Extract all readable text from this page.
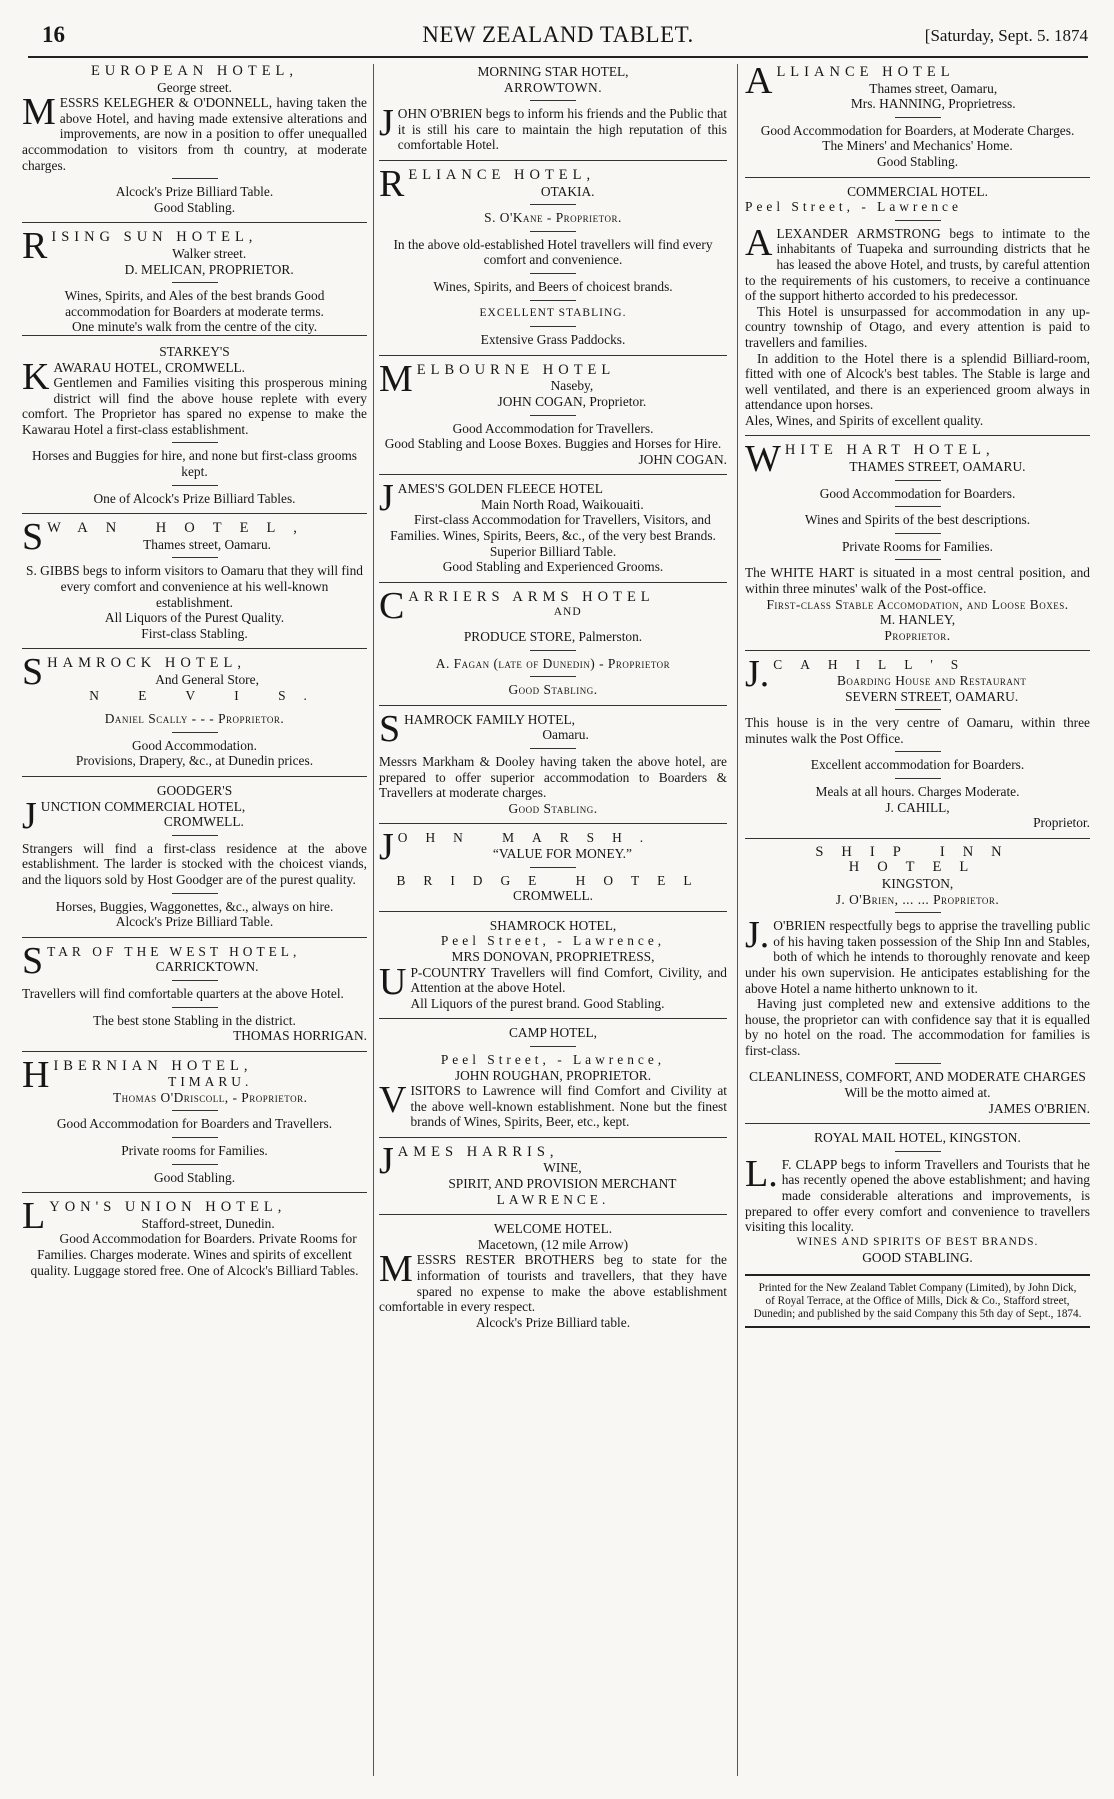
16	NEW ZEALAND TABLET.	[Saturday, Sept. 5. 1874

EUROPEAN HOTEL,

George street.

MESSRS KELEGHER & O'DONNELL, having taken the above Hotel, and having made extensive alterations and improvements, are now in a position to offer unequalled accommodation to visitors from th country, at moderate charges.

Alcock's Prize Billiard Table.

Good Stabling.

RISING SUN HOTEL,

Walker street.

D. MELICAN, PROPRIETOR.

Wines, Spirits, and Ales of the best brands Good accommodation for Boarders at moderate terms.

One minute's walk from the centre of the city.

STARKEY'S

KAWARAU HOTEL, CROMWELL.

Gentlemen and Families visiting this prosperous mining district will find the above house replete with every comfort. The Proprietor has spared no expense to make the Kawarau Hotel a first-class establishment.

Horses and Buggies for hire, and none but first-class grooms kept.

One of Alcock's Prize Billiard Tables.

SWAN HOTEL,

Thames street, Oamaru.

S. GIBBS begs to inform visitors to Oamaru that they will find every comfort and convenience at his well-known establishment.

All Liquors of the Purest Quality.

First-class Stabling.

SHAMROCK HOTEL,

And General Store,

N E V I S.

Daniel Scally - - - Proprietor.

Good Accommodation.

Provisions, Drapery, &c., at Dunedin prices.

GOODGER'S

JUNCTION COMMERCIAL HOTEL,

CROMWELL.

Strangers will find a first-class residence at the above establishment. The larder is stocked with the choicest viands, and the liquors sold by Host Goodger are of the purest quality.

Horses, Buggies, Waggonettes, &c., always on hire.

Alcock's Prize Billiard Table.

STAR OF THE WEST HOTEL,

CARRICKTOWN.

Travellers will find comfortable quarters at the above Hotel.

The best stone Stabling in the district.

THOMAS HORRIGAN.

HIBERNIAN HOTEL,

TIMARU.

Thomas O'Driscoll, - Proprietor.

Good Accommodation for Boarders and Travellers.

Private rooms for Families.

Good Stabling.

LYON'S UNION HOTEL,

Stafford-street, Dunedin.

Good Accommodation for Boarders. Private Rooms for Families. Charges moderate. Wines and spirits of excellent quality. Luggage stored free. One of Alcock's Billiard Tables.

MORNING STAR HOTEL,

ARROWTOWN.

JOHN O'BRIEN begs to inform his friends and the Public that it is still his care to maintain the high reputation of this comfortable Hotel.

RELIANCE HOTEL,

OTAKIA.

S. O'Kane - Proprietor.

In the above old-established Hotel travellers will find every comfort and convenience.

Wines, Spirits, and Beers of choicest brands.

EXCELLENT STABLING.

Extensive Grass Paddocks.

MELBOURNE HOTEL

Naseby,

JOHN COGAN, Proprietor.

Good Accommodation for Travellers.

Good Stabling and Loose Boxes. Buggies and Horses for Hire.

JOHN COGAN.

JAMES'S GOLDEN FLEECE HOTEL

Main North Road, Waikouaiti.

First-class Accommodation for Travellers, Visitors, and Families. Wines, Spirits, Beers, &c., of the very best Brands.

Superior Billiard Table.

Good Stabling and Experienced Grooms.

CARRIERS ARMS HOTEL

AND

PRODUCE STORE, Palmerston.

A. Fagan (late of Dunedin) - Proprietor

Good Stabling.

SHAMROCK FAMILY HOTEL,

Oamaru.

Messrs Markham & Dooley having taken the above hotel, are prepared to offer superior accommodation to Boarders & Travellers at moderate charges.

Good Stabling.

JOHN MARSH.

“VALUE FOR MONEY.”

BRIDGE HOTEL

CROMWELL.

SHAMROCK HOTEL,

Peel Street, - Lawrence,

MRS DONOVAN, PROPRIETRESS,

U P-COUNTRY Travellers will find Comfort, Civility, and Attention at the above Hotel.

All Liquors of the purest brand. Good Stabling.

CAMP HOTEL,

Peel Street, - Lawrence,

JOHN ROUGHAN, PROPRIETOR.

VISITORS to Lawrence will find Comfort and Civility at the above well-known establishment. None but the finest brands of Wines, Spirits, Beer, etc., kept.

JAMES HARRIS,

WINE,

SPIRIT, AND PROVISION MERCHANT

LAWRENCE.

WELCOME HOTEL.

Macetown, (12 mile Arrow)

MESSRS RESTER BROTHERS beg to state for the information of tourists and travellers, that they have spared no expense to make the above establishment comfortable in every respect.

Alcock's Prize Billiard table.

ALLIANCE HOTEL

Thames street, Oamaru,

Mrs. HANNING, Proprietress.

Good Accommodation for Boarders, at Moderate Charges.

The Miners' and Mechanics' Home.

Good Stabling.

COMMERCIAL HOTEL.

Peel Street, - Lawrence

ALEXANDER ARMSTRONG begs to intimate to the inhabitants of Tuapeka and surrounding districts that he has leased the above Hotel, and trusts, by careful attention to the requirements of his customers, to receive a continuance of the support hitherto accorded to his predecessor.

This Hotel is unsurpassed for accommodation in any up-country township of Otago, and every attention is paid to travellers and families.

In addition to the Hotel there is a splendid Billiard-room, fitted with one of Alcock's best tables. The Stable is large and well ventilated, and there is an experienced groom always in attendance upon horses.

Ales, Wines, and Spirits of excellent quality.

WHITE HART HOTEL,

THAMES STREET, OAMARU.

Good Accommodation for Boarders.

Wines and Spirits of the best descriptions.

Private Rooms for Families.

The WHITE HART is situated in a most central position, and within three minutes' walk of the Post-office.

First-class Stable Accomodation, and Loose Boxes.

M. HANLEY,

Proprietor.

J. CAHILL'S

Boarding House and Restaurant

SEVERN STREET, OAMARU.

This house is in the very centre of Oamaru, within three minutes walk the Post Office.

Excellent accommodation for Boarders.

Meals at all hours. Charges Moderate.

J. CAHILL,

Proprietor.

SHIP INN HOTEL

KINGSTON,

J. O'Brien, ... ... Proprietor.

J. O'BRIEN respectfully begs to apprise the travelling public of his having taken possession of the Ship Inn and Stables, both of which he intends to thoroughly renovate and keep under his own supervision. He anticipates establishing for the above Hotel a name hitherto unknown to it.

Having just completed new and extensive additions to the house, the proprietor can with confidence say that it is equalled by no hotel on the road. The accommodation for families is first-class.

CLEANLINESS, COMFORT, AND MODERATE CHARGES

Will be the motto aimed at.

JAMES O'BRIEN.

ROYAL MAIL HOTEL, KINGSTON.

L. F. CLAPP begs to inform Travellers and Tourists that he has recently opened the above establishment; and having made considerable alterations and improvements, is prepared to offer every comfort and convenience to travellers visiting this locality.

WINES AND SPIRITS OF BEST BRANDS.

GOOD STABLING.

Printed for the New Zealand Tablet Company (Limited), by John Dick, of Royal Terrace, at the Office of Mills, Dick & Co., Stafford street, Dunedin; and published by the said Company this 5th day of Sept., 1874.
